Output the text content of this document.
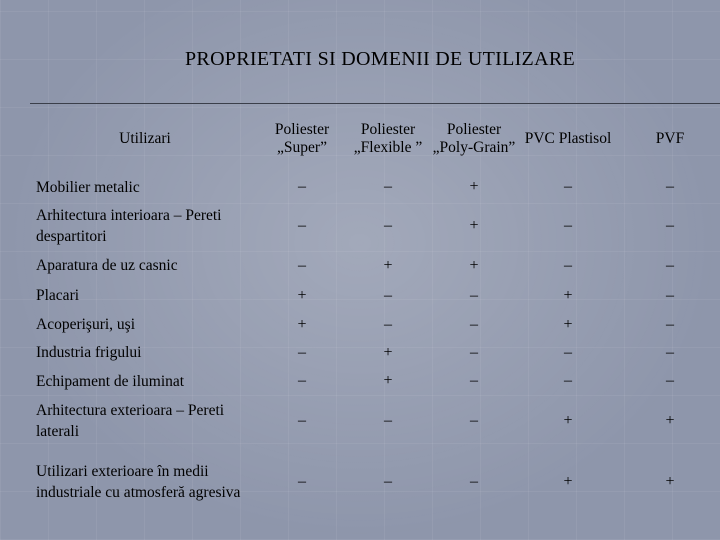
PROPRIETATI SI DOMENII DE UTILIZARE
Utilizari	Poliester „Super”	Poliester „Flexible ”	Poliester „Poly-Grain”	PVC Plastisol	PVF
Mobilier metalic	–	–	+	–	–
Arhitectura interioara – Pereti despartitori	–	–	+	–	–
Aparatura de uz casnic	–	+	+	–	–
Placari	+	–	–	+	–
Acoperişuri, uşi	+	–	–	+	–
Industria frigului	–	+	–	–	–
Echipament de iluminat	–	+	–	–	–
Arhitectura exterioara – Pereti laterali	–	–	–	+	+
Utilizari exterioare în medii industriale cu atmosferă agresiva	–	–	–	+	+
